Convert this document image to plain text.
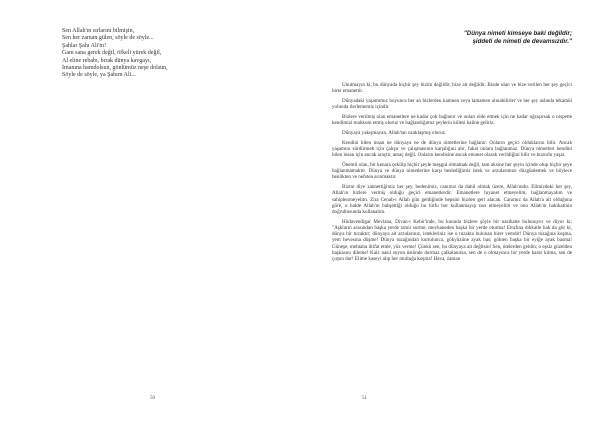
Sen Allah'ın sırlarını bilmişin,
Sen her zaman gülen, söyle de söyle...
Şahlar Şahı Ali'm!
Gam sana gerek değil, öfkeli yürek değil,
Al eline rebabı, bırak dünya kavgayı,
İmanına hamdolsun, gönlümüz neşe dolsun,
Söyle de söyle, ya Şahım Ali...
50
"Dünya nimeti kimseye baki değildir;
şiddeti de nimeti de devamsızdır."

Unutmayın ki, bu dünyada hiçbir şey bizim değildir, bize ait değildir. Bizde olan ve bize verilen her şey geçici birer emanettir.

Dünyadaki yaşamımız boyunca her an bizlerden kamnen veya tamamen alınabilirler ve her şey aslında tekamül yolunda ilerlememiz içindir.

Bizlere verilmiş olan emanetlere ne kadar çok bağlanır ve onları elde etmek için ne kadar uğraşırsak o nispette kendimizi mahkum etmiş oluruz ve bağlandığımız şeylerin kölesi haline geliriz.

Dünyaya yakışmayan, Allah'tan uzaklaşmış oluruz.

Kendini bilen insan ne dünyaya ne de dünya nimetlerine bağlanır. Onların geçici olduklarını bilir. Ancak yaşamını sürdürmek için çalışır ve çalışmasının karşılığını alır, fakat onlara bağlanmaz. Dünya nimetleri kendini bilen insan için ancak araçtır, amaç değil. Onların kendisine ancak emanet olarak verildiğini bilir ve huzurlu yaşar.

Önemli olan, bir kenara çekilip hiçbir şeyle meşgul olmamak değil, tam aksine her şeyin içinde olup hiçbir şeye bağlanmamaktır. Dünya ve dünya nimetlerine karşı beslediğimiz istek ve arzularımızı düzgünlemek ve böylece benlikten ve nefsten arınmaktır.

Bizim diye zannettiğimiz her şey, bedenimiz, canımız da dahil olmak üzere, Allah'ındır. Elimizdeki her şey, Allah'ın bizlere vermiş olduğu geçici emanetlerdir. Emanetlere hıyanet etmeyelim, bağlanmayalım ve sahiplenmeyelim. Zira Cenab-ı Allah gün geldiğinde hepsini bizden geri alacak. Canımız da Allah'a ait olduğuna göre, o halde Allah'ın bahşettiği olduğu bu lütfu hor kullanmayıp razı etmeyelim ve onu Allah'ın hakikatinin doğrultusunda kullanalım.

Hüdavendigar Mevlana, Divan-ı Kebir'inde, bu konuda bizlere şöyle bir nasihatte bulunuyor ve diyor ki: "Aşkların arasından başka yerde izmir surme, meyhaneden başka bir yerde oturma! Etrafına dikkatle bak da gör ki, dünya bir tuzaktır; dünyaya ait arzularınız, istekleriniz ise o tuzakta bulunan birer yemdir! Dünya tuzağına koşma, yem hevesına düşme! Dünya tuzağından kurtulunca, gökyüzüne ayak bas; gökten başka bir eyiğe ayak basma! Güneşe, mehtaba iltifat etme, yüz verme! Çünkü sen, bu dünyaya ait değilsin! Sen, ötelerden geldin; o eşsiz güzelden başkasını dileme! Kaiz nasıl suyun üstünde durmaz çalkalanırsa, sen de o olmayınca bir yerde karar kılma, sen de çırpın dur! Elime kaseyi alıp her mutluğa koşma! Hava, zaman

51
